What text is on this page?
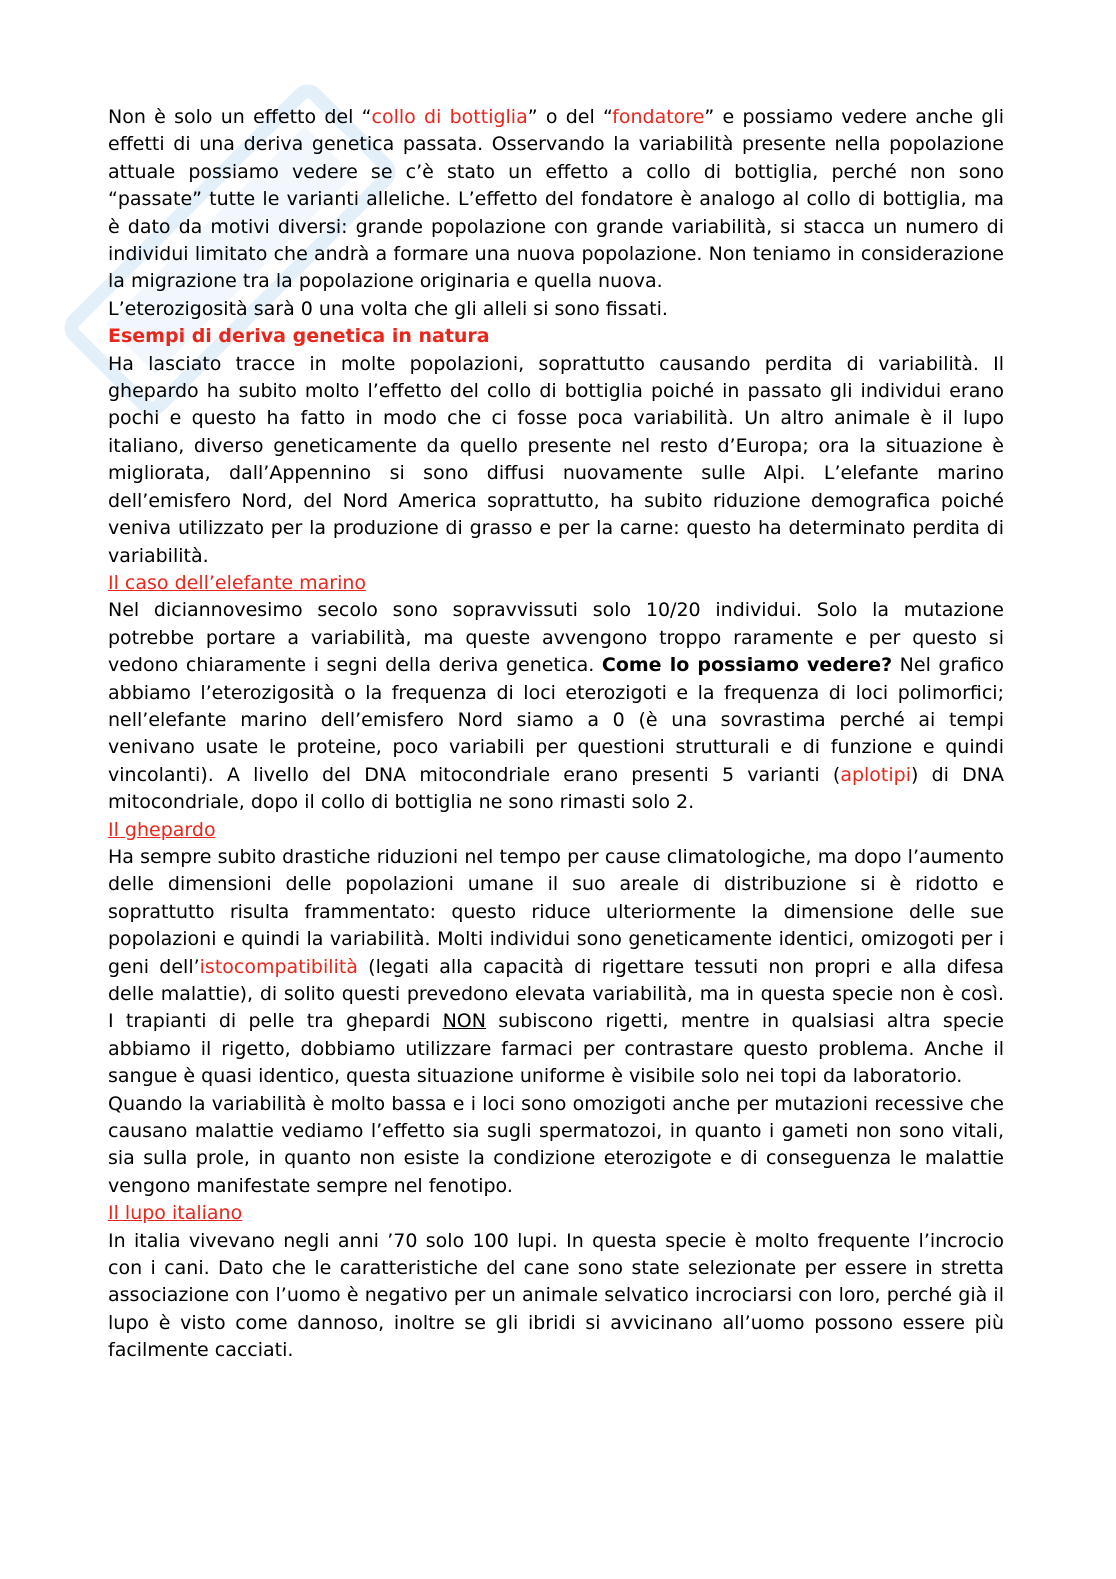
Non è solo un effetto del “collo di bottiglia” o del “fondatore” e possiamo vedere anche gli effetti di una deriva genetica passata. Osservando la variabilità presente nella popolazione attuale possiamo vedere se c’è stato un effetto a collo di bottiglia, perché non sono “passate” tutte le varianti alleliche. L’effetto del fondatore è analogo al collo di bottiglia, ma è dato da motivi diversi: grande popolazione con grande variabilità, si stacca un numero di individui limitato che andrà a formare una nuova popolazione. Non teniamo in considerazione la migrazione tra la popolazione originaria e quella nuova.

L’eterozigosità sarà 0 una volta che gli alleli si sono fissati.

Esempi di deriva genetica in natura

Ha lasciato tracce in molte popolazioni, soprattutto causando perdita di variabilità. Il ghepardo ha subito molto l’effetto del collo di bottiglia poiché in passato gli individui erano pochi e questo ha fatto in modo che ci fosse poca variabilità. Un altro animale è il lupo italiano, diverso geneticamente da quello presente nel resto d’Europa; ora la situazione è migliorata, dall’Appennino si sono diffusi nuovamente sulle Alpi. L’elefante marino dell’emisfero Nord, del Nord America soprattutto, ha subito riduzione demografica poiché veniva utilizzato per la produzione di grasso e per la carne: questo ha determinato perdita di variabilità.

Il caso dell’elefante marino

Nel diciannovesimo secolo sono sopravvissuti solo 10/20 individui. Solo la mutazione potrebbe portare a variabilità, ma queste avvengono troppo raramente e per questo si vedono chiaramente i segni della deriva genetica. Come lo possiamo vedere? Nel grafico abbiamo l’eterozigosità o la frequenza di loci eterozigoti e la frequenza di loci polimorfici; nell’elefante marino dell’emisfero Nord siamo a 0 (è una sovrastima perché ai tempi venivano usate le proteine, poco variabili per questioni strutturali e di funzione e quindi vincolanti). A livello del DNA mitocondriale erano presenti 5 varianti (aplotipi) di DNA mitocondriale, dopo il collo di bottiglia ne sono rimasti solo 2.

Il ghepardo

Ha sempre subito drastiche riduzioni nel tempo per cause climatologiche, ma dopo l’aumento delle dimensioni delle popolazioni umane il suo areale di distribuzione si è ridotto e soprattutto risulta frammentato: questo riduce ulteriormente la dimensione delle sue popolazioni e quindi la variabilità. Molti individui sono geneticamente identici, omizogoti per i geni dell’istocompatibilità (legati alla capacità di rigettare tessuti non propri e alla difesa delle malattie), di solito questi prevedono elevata variabilità, ma in questa specie non è così. I trapianti di pelle tra ghepardi NON subiscono rigetti, mentre in qualsiasi altra specie abbiamo il rigetto, dobbiamo utilizzare farmaci per contrastare questo problema. Anche il sangue è quasi identico, questa situazione uniforme è visibile solo nei topi da laboratorio.

Quando la variabilità è molto bassa e i loci sono omozigoti anche per mutazioni recessive che causano malattie vediamo l’effetto sia sugli spermatozoi, in quanto i gameti non sono vitali, sia sulla prole, in quanto non esiste la condizione eterozigote e di conseguenza le malattie vengono manifestate sempre nel fenotipo.

Il lupo italiano

In italia vivevano negli anni ’70 solo 100 lupi. In questa specie è molto frequente l’incrocio con i cani. Dato che le caratteristiche del cane sono state selezionate per essere in stretta associazione con l’uomo è negativo per un animale selvatico incrociarsi con loro, perché già il lupo è visto come dannoso, inoltre se gli ibridi si avvicinano all’uomo possono essere più facilmente cacciati.
